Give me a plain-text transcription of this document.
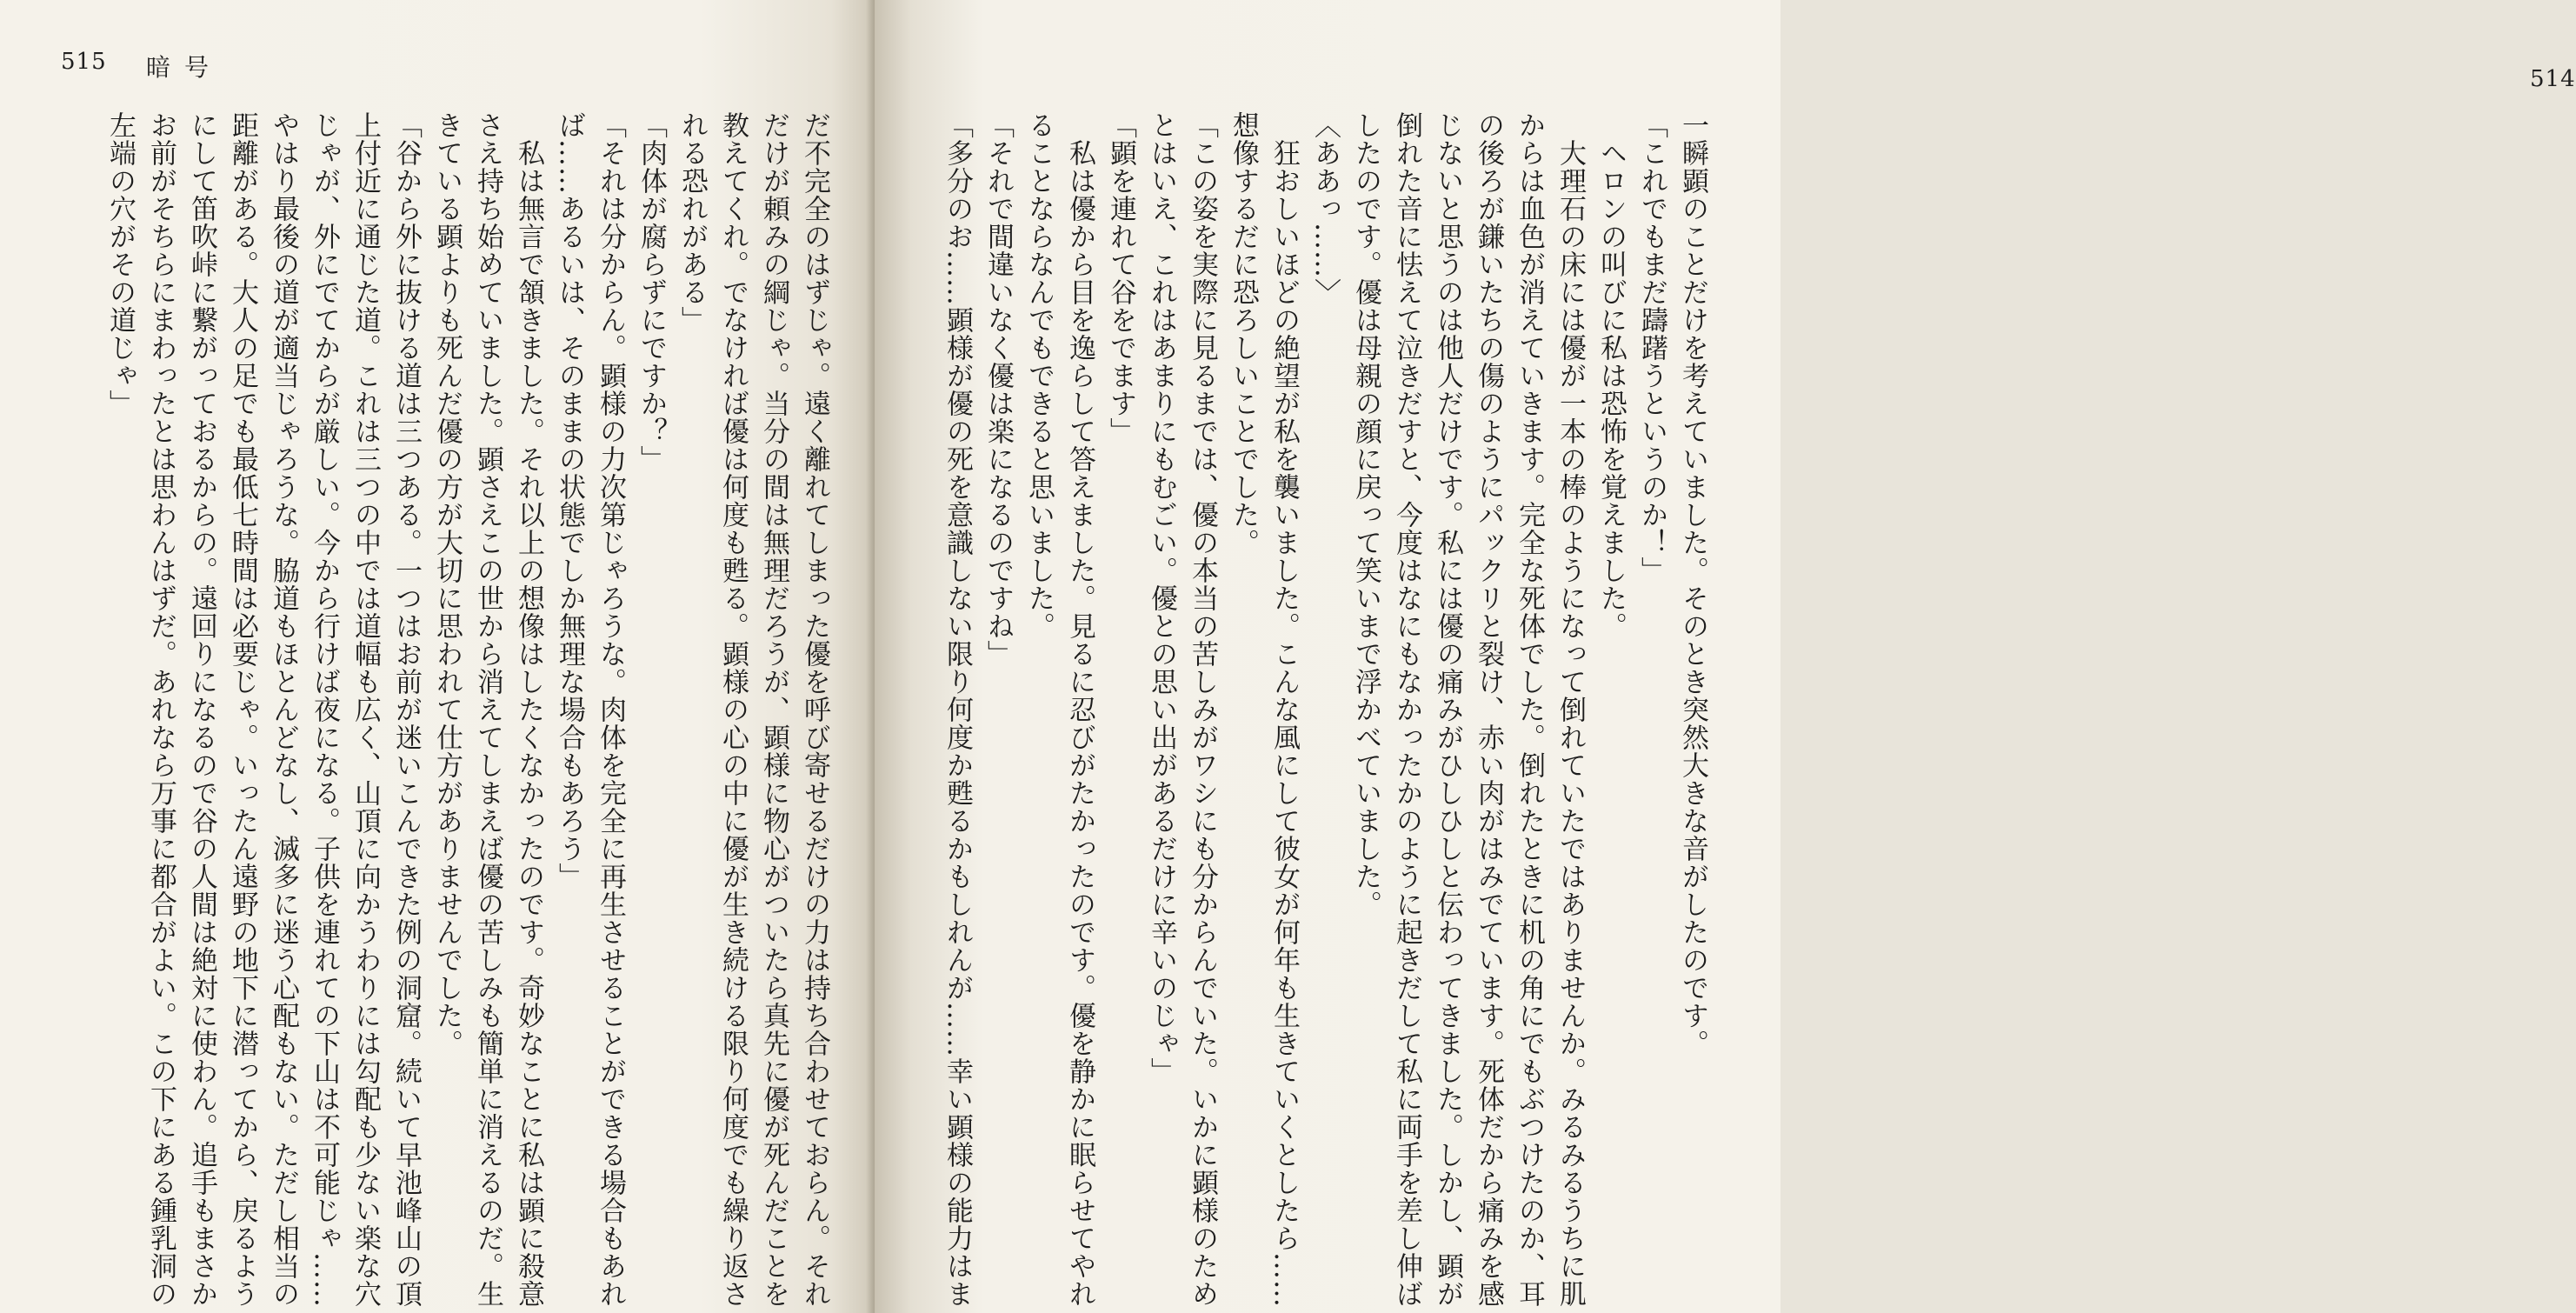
515 暗号
だ不完全のはずじゃ。遠く離れてしまった優を呼び寄せるだけの力は持ち合わせておらん。それ
だけが頼みの綱じゃ。当分の間は無理だろうが、顕様に物心がついたら真先に優が死んだことを
教えてくれ。でなければ優は何度も甦る。顕様の心の中に優が生き続ける限り何度でも繰り返さ
れる恐れがある」
「肉体が腐らずにですか？」
「それは分からん。顕様の力次第じゃろうな。肉体を完全に再生させることができる場合もあれ
ば……あるいは、そのままの状態でしか無理な場合もあろう」
　私は無言で頷きました。それ以上の想像はしたくなかったのです。奇妙なことに私は顕に殺意
さえ持ち始めていました。顕さえこの世から消えてしまえば優の苦しみも簡単に消えるのだ。生
きている顕よりも死んだ優の方が大切に思われて仕方がありませんでした。
「谷から外に抜ける道は三つある。一つはお前が迷いこんできた例の洞窟。続いて早池峰山の頂
上付近に通じた道。これは三つの中では道幅も広く、山頂に向かうわりには勾配も少ない楽な穴
じゃが、外にでてからが厳しい。今から行けば夜になる。子供を連れての下山は不可能じゃ……
やはり最後の道が適当じゃろうな。脇道もほとんどなし、滅多に迷う心配もない。ただし相当の
距離がある。大人の足でも最低七時間は必要じゃ。いったん遠野の地下に潜ってから、戻るよう
にして笛吹峠に繋がっておるからの。遠回りになるので谷の人間は絶対に使わん。追手もまさか
お前がそちらにまわったとは思わんはずだ。あれなら万事に都合がよい。この下にある鍾乳洞の
左端の穴がその道じゃ」
514
一瞬顕のことだけを考えていました。そのとき突然大きな音がしたのです。
「これでもまだ躊躇うというのか！」
　ヘロンの叫びに私は恐怖を覚えました。
　大理石の床には優が一本の棒のようになって倒れていたではありませんか。みるみるうちに肌
からは血色が消えていきます。完全な死体でした。倒れたときに机の角にでもぶつけたのか、耳
の後ろが鎌いたちの傷のようにパックリと裂け、赤い肉がはみでています。死体だから痛みを感
じないと思うのは他人だけです。私には優の痛みがひしひしと伝わってきました。しかし、顕が
倒れた音に怯えて泣きだすと、今度はなにもなかったかのように起きだして私に両手を差し伸ば
したのです。優は母親の顔に戻って笑いまで浮かべていました。
〈ああっ……〉
　狂おしいほどの絶望が私を襲いました。こんな風にして彼女が何年も生きていくとしたら……
想像するだに恐ろしいことでした。
「この姿を実際に見るまでは、優の本当の苦しみがワシにも分からんでいた。いかに顕様のため
とはいえ、これはあまりにもむごい。優との思い出があるだけに辛いのじゃ」
「顕を連れて谷をでます」
　私は優から目を逸らして答えました。見るに忍びがたかったのです。優を静かに眠らせてやれ
ることならなんでもできると思いました。
「それで間違いなく優は楽になるのですね」
「多分のお……顕様が優の死を意識しない限り何度か甦るかもしれんが……幸い顕様の能力はま
